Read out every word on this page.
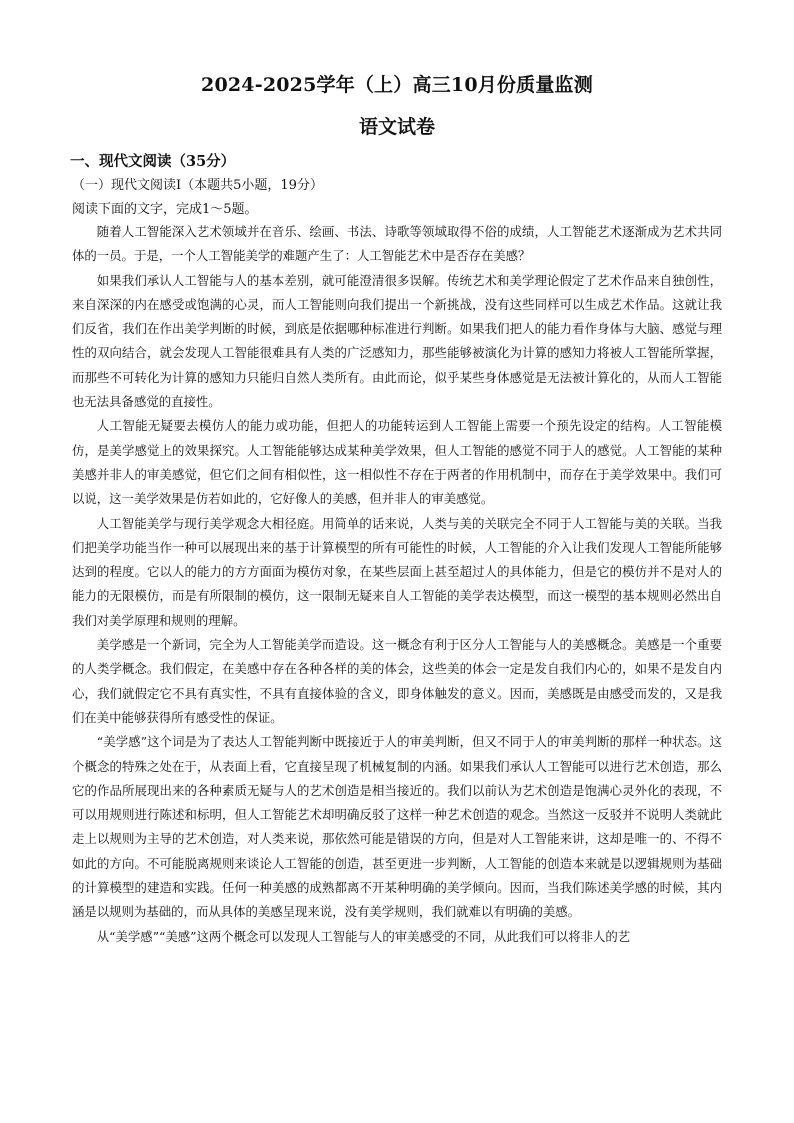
2024-2025学年（上）高三10月份质量监测
语文试卷
一、现代文阅读（35分）
（一）现代文阅读Ⅰ（本题共5小题，19分）
阅读下面的文字，完成1～5题。

随着人工智能深入艺术领域并在音乐、绘画、书法、诗歌等领域取得不俗的成绩，人工智能艺术逐渐成为艺术共同体的一员。于是，一个人工智能美学的难题产生了：人工智能艺术中是否存在美感？

如果我们承认人工智能与人的基本差别，就可能澄清很多误解。传统艺术和美学理论假定了艺术作品来自独创性，来自深深的内在感受或饱满的心灵，而人工智能则向我们提出一个新挑战，没有这些同样可以生成艺术作品。这就让我们反省，我们在作出美学判断的时候，到底是依据哪种标准进行判断。如果我们把人的能力看作身体与大脑、感觉与理性的双向结合，就会发现人工智能很难具有人类的广泛感知力，那些能够被演化为计算的感知力将被人工智能所掌握，而那些不可转化为计算的感知力只能归自然人类所有。由此而论，似乎某些身体感觉是无法被计算化的，从而人工智能也无法具备感觉的直接性。

人工智能无疑要去模仿人的能力或功能，但把人的功能转运到人工智能上需要一个预先设定的结构。人工智能模仿，是美学感觉上的效果探究。人工智能能够达成某种美学效果，但人工智能的感觉不同于人的感觉。人工智能的某种美感并非人的审美感觉，但它们之间有相似性，这一相似性不存在于两者的作用机制中，而存在于美学效果中。我们可以说，这一美学效果是仿若如此的，它好像人的美感，但并非人的审美感觉。

人工智能美学与现行美学观念大相径庭。用简单的话来说，人类与美的关联完全不同于人工智能与美的关联。当我们把美学功能当作一种可以展现出来的基于计算模型的所有可能性的时候，人工智能的介入让我们发现人工智能所能够达到的程度。它以人的能力的方方面面为模仿对象，在某些层面上甚至超过人的具体能力，但是它的模仿并不是对人的能力的无限模仿，而是有所限制的模仿，这一限制无疑来自人工智能的美学表达模型，而这一模型的基本规则必然出自我们对美学原理和规则的理解。

美学感是一个新词，完全为人工智能美学而造设。这一概念有利于区分人工智能与人的美感概念。美感是一个重要的人类学概念。我们假定，在美感中存在各种各样的美的体会，这些美的体会一定是发自我们内心的，如果不是发自内心，我们就假定它不具有真实性，不具有直接体验的含义，即身体触发的意义。因而，美感既是由感受而发的，又是我们在美中能够获得所有感受性的保证。

“美学感”这个词是为了表达人工智能判断中既接近于人的审美判断，但又不同于人的审美判断的那样一种状态。这个概念的特殊之处在于，从表面上看，它直接呈现了机械复制的内涵。如果我们承认人工智能可以进行艺术创造，那么它的作品所展现出来的各种素质无疑与人的艺术创造是相当接近的。我们以前认为艺术创造是饱满心灵外化的表现，不可以用规则进行陈述和标明，但人工智能艺术却明确反驳了这样一种艺术创造的观念。当然这一反驳并不说明人类就此走上以规则为主导的艺术创造，对人类来说，那依然可能是错误的方向，但是对人工智能来讲，这却是唯一的、不得不如此的方向。不可能脱离规则来谈论人工智能的创造，甚至更进一步判断，人工智能的创造本来就是以逻辑规则为基础的计算模型的建造和实践。任何一种美感的成熟都离不开某种明确的美学倾向。因而，当我们陈述美学感的时候，其内涵是以规则为基础的，而从具体的美感呈现来说，没有美学规则，我们就难以有明确的美感。

从“美学感”“美感”这两个概念可以发现人工智能与人的审美感受的不同，从此我们可以将非人的艺
